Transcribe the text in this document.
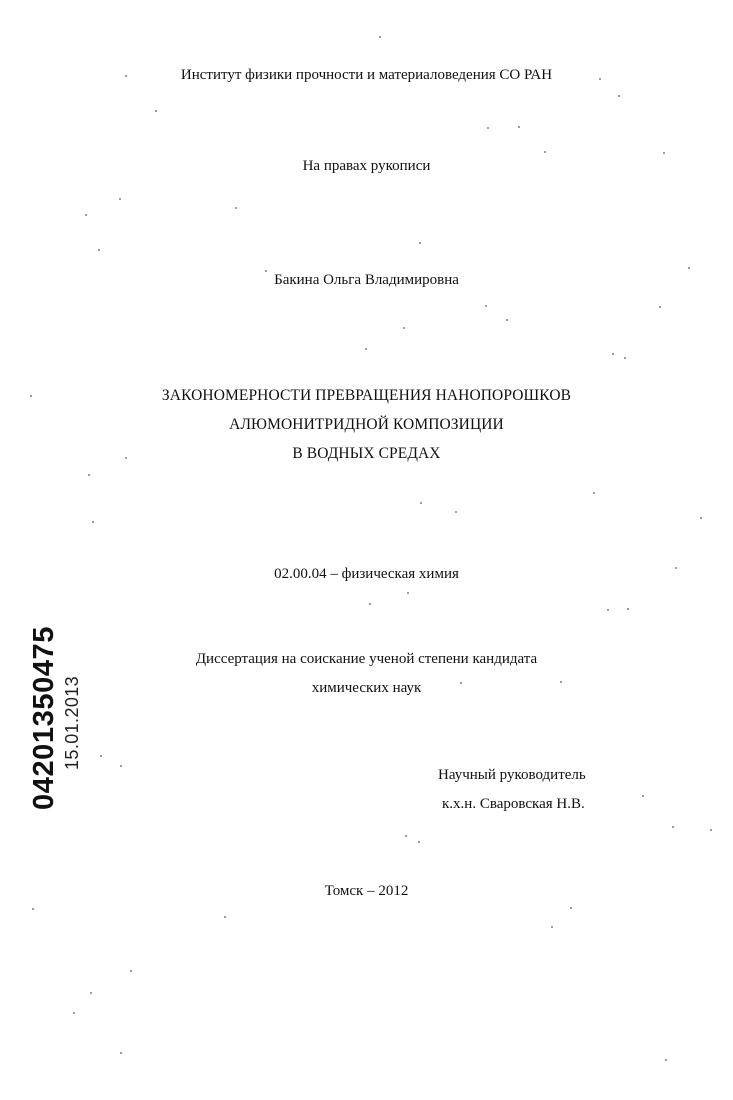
Институт физики прочности и материаловедения СО РАН
На правах рукописи
Бакина Ольга Владимировна
ЗАКОНОМЕРНОСТИ ПРЕВРАЩЕНИЯ НАНОПОРОШКОВ
АЛЮМОНИТРИДНОЙ КОМПОЗИЦИИ
В ВОДНЫХ СРЕДАХ
02.00.04 – физическая химия
Диссертация на соискание ученой степени кандидата
химических наук
Научный руководитель
к.х.н. Сваровская Н.В.
Томск – 2012
04201350475 15.01.2013
